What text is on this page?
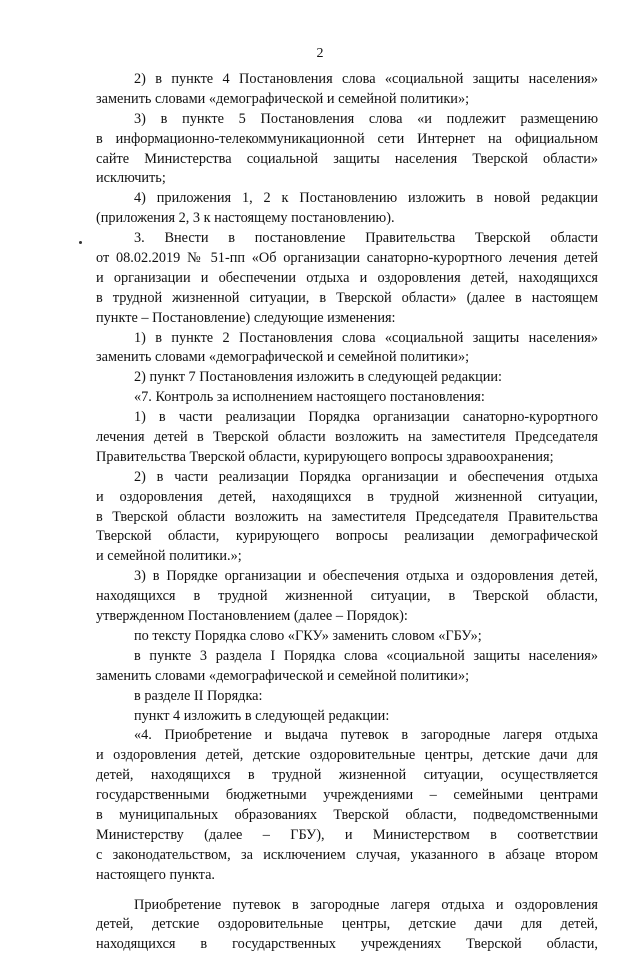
2
2) в пункте 4 Постановления слова «социальной защиты населения»
заменить словами «демографической и семейной политики»;
3) в пункте 5 Постановления слова «и подлежит размещению
в информационно-телекоммуникационной сети Интернет на официальном
сайте Министерства социальной защиты населения Тверской области»
исключить;
4) приложения 1, 2 к Постановлению изложить в новой редакции
(приложения 2, 3 к настоящему постановлению).
3. Внести в постановление Правительства Тверской области
от 08.02.2019 № 51-пп «Об организации санаторно-курортного лечения детей
и организации и обеспечении отдыха и оздоровления детей, находящихся
в трудной жизненной ситуации, в Тверской области» (далее в настоящем
пункте – Постановление) следующие изменения:
1) в пункте 2 Постановления слова «социальной защиты населения»
заменить словами «демографической и семейной политики»;
2) пункт 7 Постановления изложить в следующей редакции:
«7. Контроль за исполнением настоящего постановления:
1) в части реализации Порядка организации санаторно-курортного
лечения детей в Тверской области возложить на заместителя Председателя
Правительства Тверской области, курирующего вопросы здравоохранения;
2) в части реализации Порядка организации и обеспечения отдыха
и оздоровления детей, находящихся в трудной жизненной ситуации,
в Тверской области возложить на заместителя Председателя Правительства
Тверской области, курирующего вопросы реализации демографической
и семейной политики.»;
3) в Порядке организации и обеспечения отдыха и оздоровления детей,
находящихся в трудной жизненной ситуации, в Тверской области,
утвержденном Постановлением (далее – Порядок):
по тексту Порядка слово «ГКУ» заменить словом «ГБУ»;
в пункте 3 раздела I Порядка слова «социальной защиты населения»
заменить словами «демографической и семейной политики»;
в разделе II Порядка:
пункт 4 изложить в следующей редакции:
«4. Приобретение и выдача путевок в загородные лагеря отдыха
и оздоровления детей, детские оздоровительные центры, детские дачи для
детей, находящихся в трудной жизненной ситуации, осуществляется
государственными бюджетными учреждениями – семейными центрами
в муниципальных образованиях Тверской области, подведомственными
Министерству (далее – ГБУ), и Министерством в соответствии
с законодательством, за исключением случая, указанного в абзаце втором
настоящего пункта.
Приобретение путевок в загородные лагеря отдыха и оздоровления
детей, детские оздоровительные центры, детские дачи для детей,
находящихся в государственных учреждениях Тверской области,
